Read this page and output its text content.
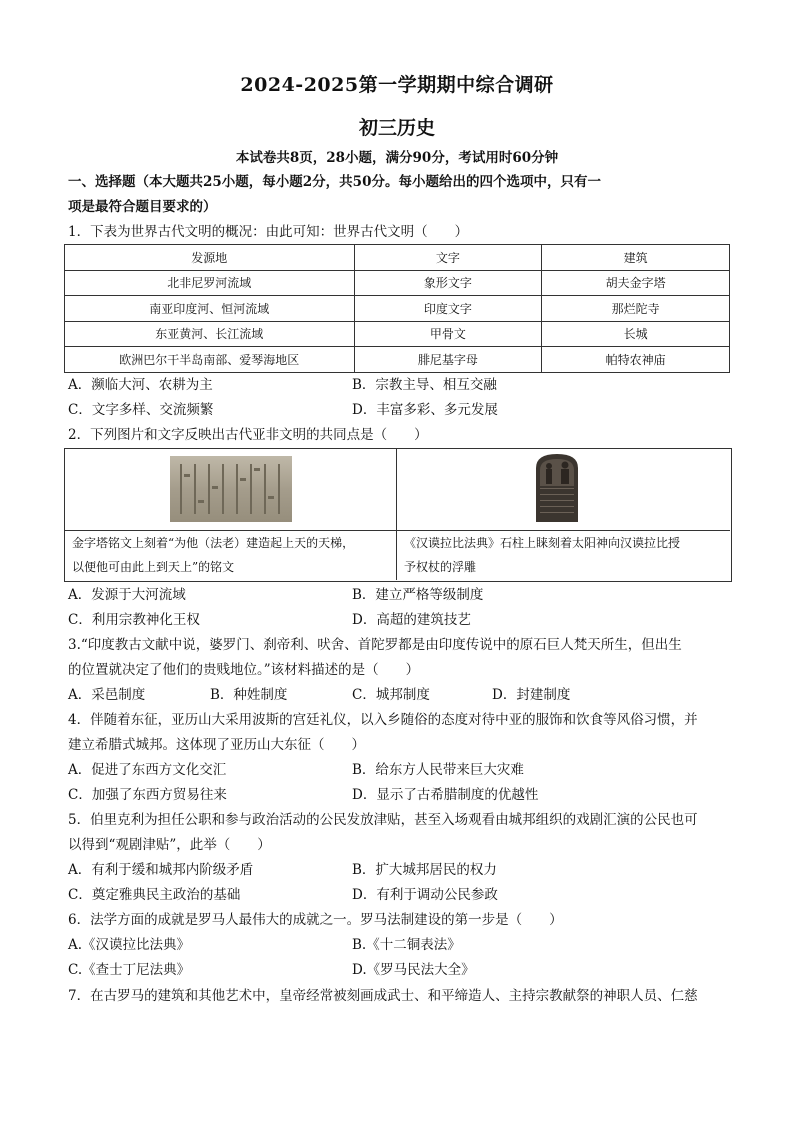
2024-2025第一学期期中综合调研
初三历史
本试卷共8页，28小题，满分90分，考试用时60分钟
一、选择题（本大题共25小题，每小题2分，共50分。每小题给出的四个选项中，只有一
项是最符合题目要求的）
1．下表为世界古代文明的概况：由此可知：世界古代文明（　　）
发源地	文字	建筑
北非尼罗河流域	象形文字	胡夫金字塔
南亚印度河、恒河流域	印度文字	那烂陀寺
东亚黄河、长江流域	甲骨文	长城
欧洲巴尔干半岛南部、爱琴海地区	腓尼基字母	帕特农神庙
A．濒临大河、农耕为主	B．宗教主导、相互交融
C．文字多样、交流频繁	D．丰富多彩、多元发展
2．下列图片和文字反映出古代亚非文明的共同点是（　　）
金字塔铭文上刻着“为他（法老）建造起上天的天梯，
以便他可由此上到天上”的铭文
《汉谟拉比法典》石柱上睐刻着太阳神向汉谟拉比授
予权杖的浮雕
A．发源于大河流域	B．建立严格等级制度
C．利用宗教神化王权	D．高超的建筑技艺
3.“印度教古文献中说，婆罗门、刹帝利、吠舍、首陀罗都是由印度传说中的原石巨人梵天所生，但出生
的位置就决定了他们的贵贱地位。”该材料描述的是（　　）
A．采邑制度	B．种姓制度	C．城邦制度	D．封建制度
4．伴随着东征，亚历山大采用波斯的宫廷礼仪，以入乡随俗的态度对待中亚的服饰和饮食等风俗习惯，并
建立希腊式城邦。这体现了亚历山大东征（　　）
A．促进了东西方文化交汇	B．给东方人民带来巨大灾难
C．加强了东西方贸易往来	D．显示了古希腊制度的优越性
5．伯里克利为担任公职和参与政治活动的公民发放津贴，甚至入场观看由城邦组织的戏剧汇演的公民也可
以得到“观剧津贴”，此举（　　）
A．有利于缓和城邦内阶级矛盾	B．扩大城邦居民的权力
C．奠定雅典民主政治的基础	D．有利于调动公民参政
6．法学方面的成就是罗马人最伟大的成就之一。罗马法制建设的第一步是（　　）
A.《汉谟拉比法典》	B.《十二铜表法》
C.《查士丁尼法典》	D.《罗马民法大全》
7．在古罗马的建筑和其他艺术中，皇帝经常被刻画成武士、和平缔造人、主持宗教献祭的神职人员、仁慈
